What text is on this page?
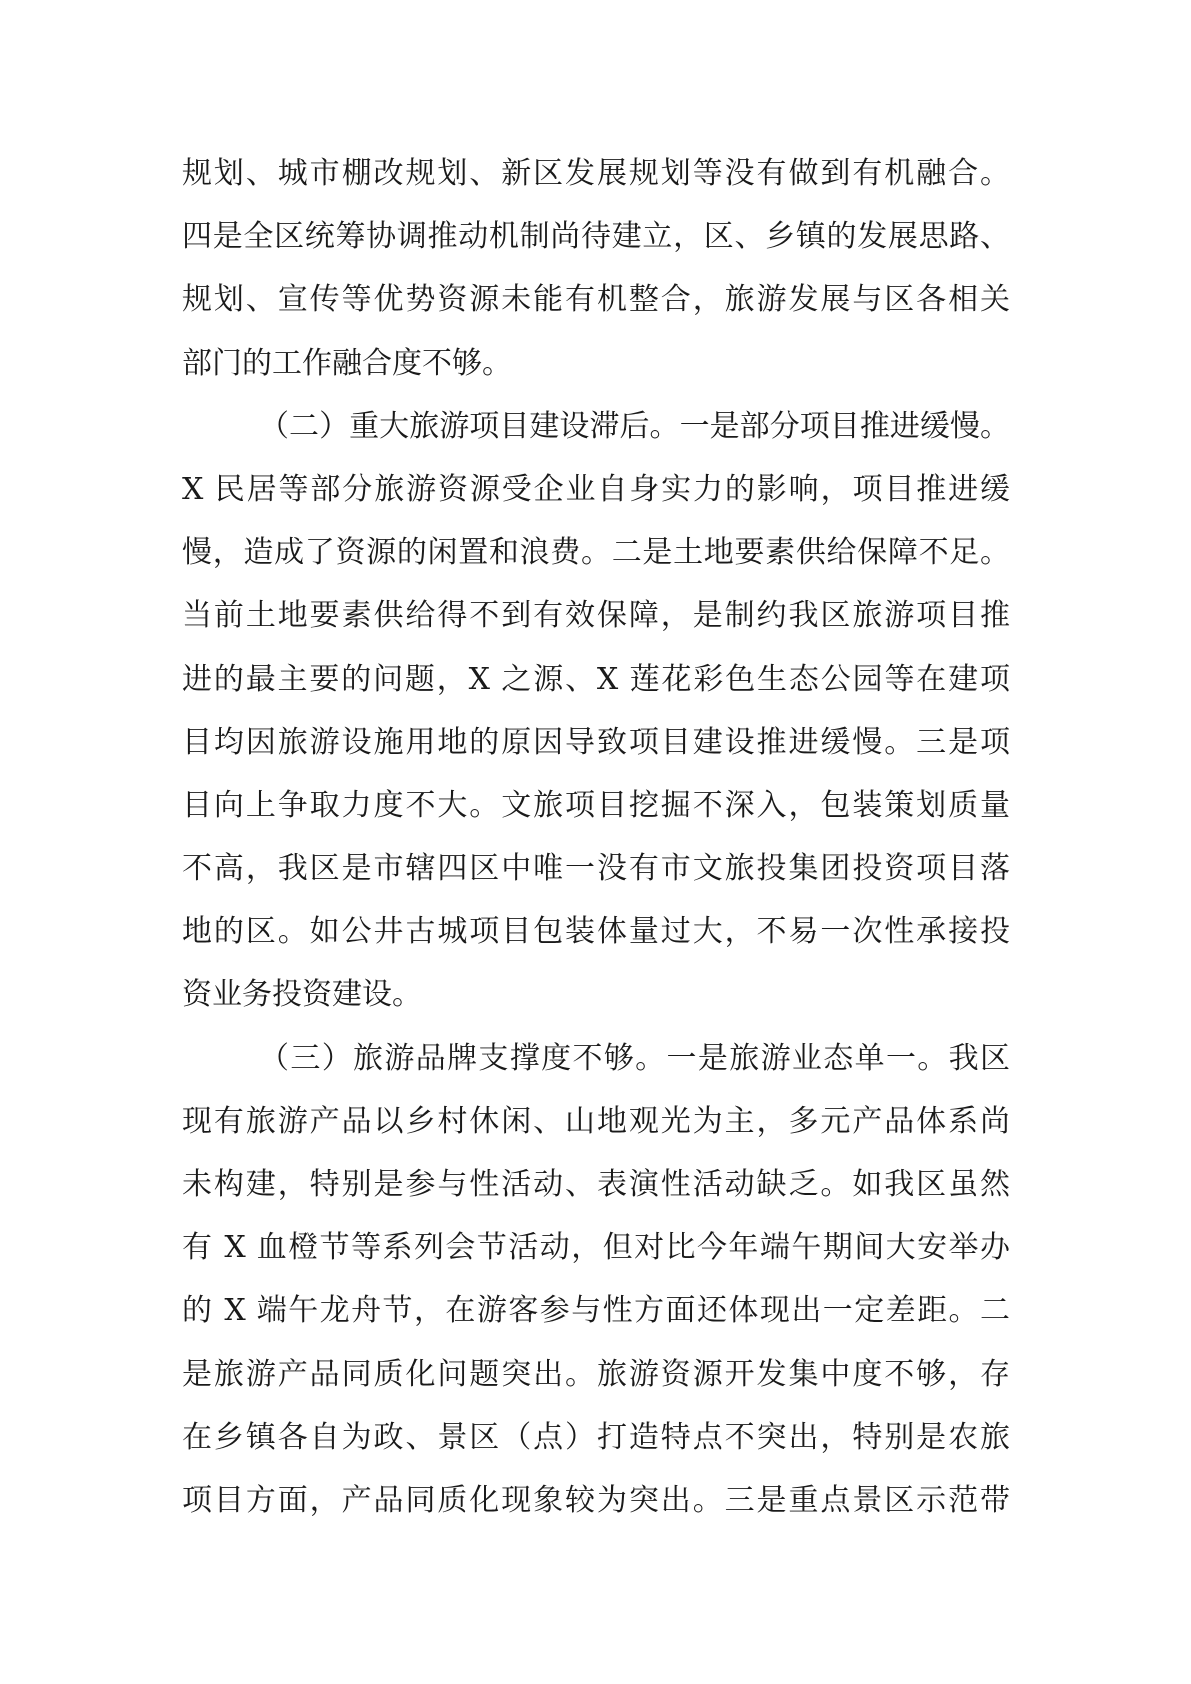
规划、城市棚改规划、新区发展规划等没有做到有机融合。
四是全区统筹协调推动机制尚待建立，区、乡镇的发展思路、
规划、宣传等优势资源未能有机整合，旅游发展与区各相关
部门的工作融合度不够。
（二）重大旅游项目建设滞后。一是部分项目推进缓慢。
X 民居等部分旅游资源受企业自身实力的影响，项目推进缓
慢，造成了资源的闲置和浪费。二是土地要素供给保障不足。
当前土地要素供给得不到有效保障，是制约我区旅游项目推
进的最主要的问题，X 之源、X 莲花彩色生态公园等在建项
目均因旅游设施用地的原因导致项目建设推进缓慢。三是项
目向上争取力度不大。文旅项目挖掘不深入，包装策划质量
不高，我区是市辖四区中唯一没有市文旅投集团投资项目落
地的区。如公井古城项目包装体量过大，不易一次性承接投
资业务投资建设。
（三）旅游品牌支撑度不够。一是旅游业态单一。我区
现有旅游产品以乡村休闲、山地观光为主，多元产品体系尚
未构建，特别是参与性活动、表演性活动缺乏。如我区虽然
有 X 血橙节等系列会节活动，但对比今年端午期间大安举办
的 X 端午龙舟节，在游客参与性方面还体现出一定差距。二
是旅游产品同质化问题突出。旅游资源开发集中度不够，存
在乡镇各自为政、景区（点）打造特点不突出，特别是农旅
项目方面，产品同质化现象较为突出。三是重点景区示范带
